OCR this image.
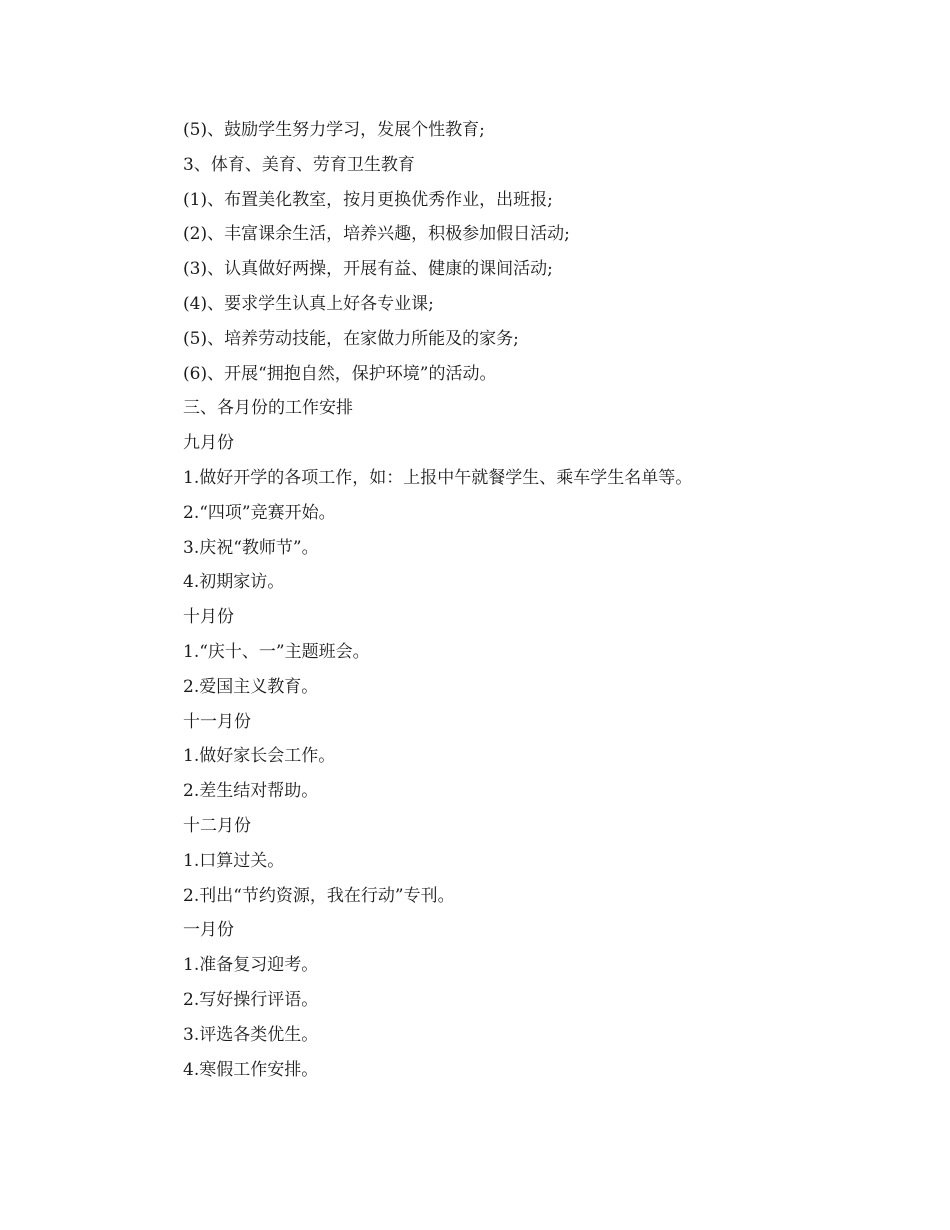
(5)、鼓励学生努力学习，发展个性教育;

3、体育、美育、劳育卫生教育

(1)、布置美化教室，按月更换优秀作业，出班报;

(2)、丰富课余生活，培养兴趣，积极参加假日活动;

(3)、认真做好两操，开展有益、健康的课间活动;

(4)、要求学生认真上好各专业课;

(5)、培养劳动技能，在家做力所能及的家务;

(6)、开展“拥抱自然，保护环境”的活动。

三、各月份的工作安排

九月份

1.做好开学的各项工作，如：上报中午就餐学生、乘车学生名单等。

2.“四项”竞赛开始。

3.庆祝“教师节”。

4.初期家访。

十月份

1.“庆十、一”主题班会。

2.爱国主义教育。

十一月份

1.做好家长会工作。

2.差生结对帮助。

十二月份

1.口算过关。

2.刊出“节约资源，我在行动”专刊。

一月份

1.准备复习迎考。

2.写好操行评语。

3.评选各类优生。

4.寒假工作安排。
